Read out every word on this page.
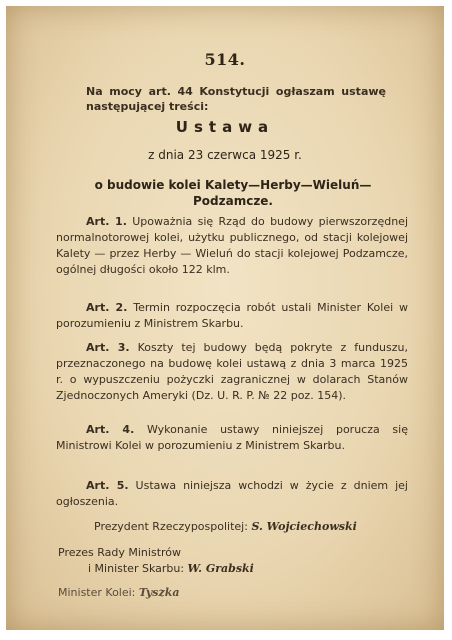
514.
Na mocy art. 44 Konstytucji ogłaszam ustawę następującej treści:
Ustawa
z dnia 23 czerwca 1925 r.
o budowie kolei Kalety—Herby—Wieluń—Podzamcze.
Art. 1. Upoważnia się Rząd do budowy pierwszorzędnej normalnotorowej kolei, użytku publicznego, od stacji kolejowej Kalety — przez Herby — Wieluń do stacji kolejowej Podzamcze, ogólnej długości około 122 klm.
Art. 2. Termin rozpoczęcia robót ustali Minister Kolei w porozumieniu z Ministrem Skarbu.
Art. 3. Koszty tej budowy będą pokryte z funduszu, przeznaczonego na budowę kolei ustawą z dnia 3 marca 1925 r. o wypuszczeniu pożyczki zagranicznej w dolarach Stanów Zjednoczonych Ameryki (Dz. U. R. P. № 22 poz. 154).
Art. 4. Wykonanie ustawy niniejszej porucza się Ministrowi Kolei w porozumieniu z Ministrem Skarbu.
Art. 5. Ustawa niniejsza wchodzi w życie z dniem jej ogłoszenia.
Prezydent Rzeczypospolitej: S. Wojciechowski
Prezes Rady Ministrów
i Minister Skarbu: W. Grabski
Minister Kolei: Tyszka
